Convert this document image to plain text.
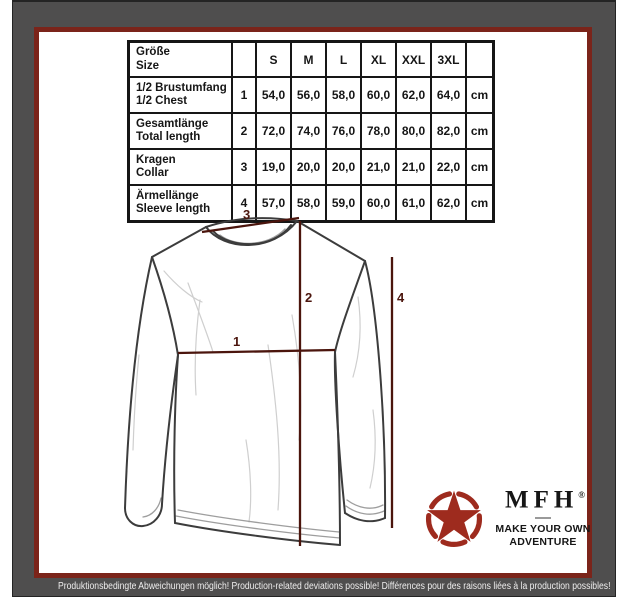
Größe
Size		S	M	L	XL	XXL	3XL	

1/2 Brustumfang
1/2 Chest	1	54,0	56,0	58,0	60,0	62,0	64,0	cm

Gesamtlänge
Total length	2	72,0	74,0	76,0	78,0	80,0	82,0	cm

Kragen
Collar	3	19,0	20,0	20,0	21,0	21,0	22,0	cm

Ärmellänge
Sleeve length	4	57,0	58,0	59,0	60,0	61,0	62,0	cm
1
2
3
4
MFH®
MAKE YOUR OWN
ADVENTURE
Produktionsbedingte Abweichungen möglich! Production-related deviations possible! Différences pour des raisons liées à la production possibles!
